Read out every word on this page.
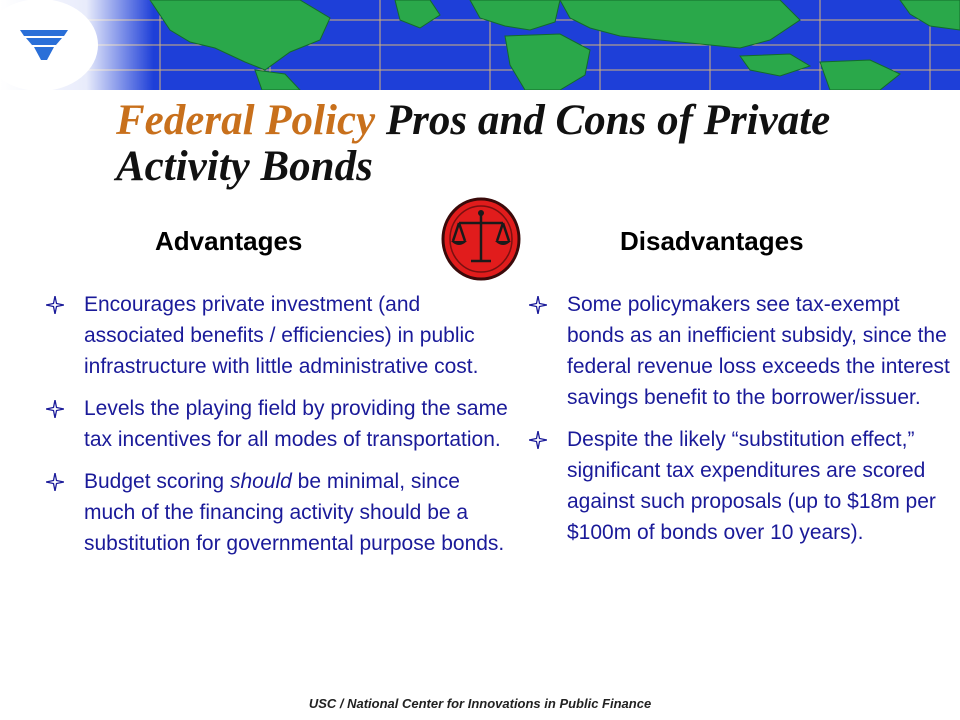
Federal Policy Pros and Cons of Private Activity Bonds
Advantages	Disadvantages
Encourages private investment (and associated benefits / efficiencies) in public infrastructure with little administrative cost.
Levels the playing field by providing the same tax incentives for all modes of transportation.
Budget scoring should be minimal, since much of the financing activity should be a substitution for governmental purpose bonds.
Some policymakers see tax-exempt bonds as an inefficient subsidy, since the federal revenue loss exceeds the interest savings benefit to the borrower/issuer.
Despite the likely “substitution effect,” significant tax expenditures are scored against such proposals (up to $18m per $100m of bonds over 10 years).
USC / National Center for Innovations in Public Finance
